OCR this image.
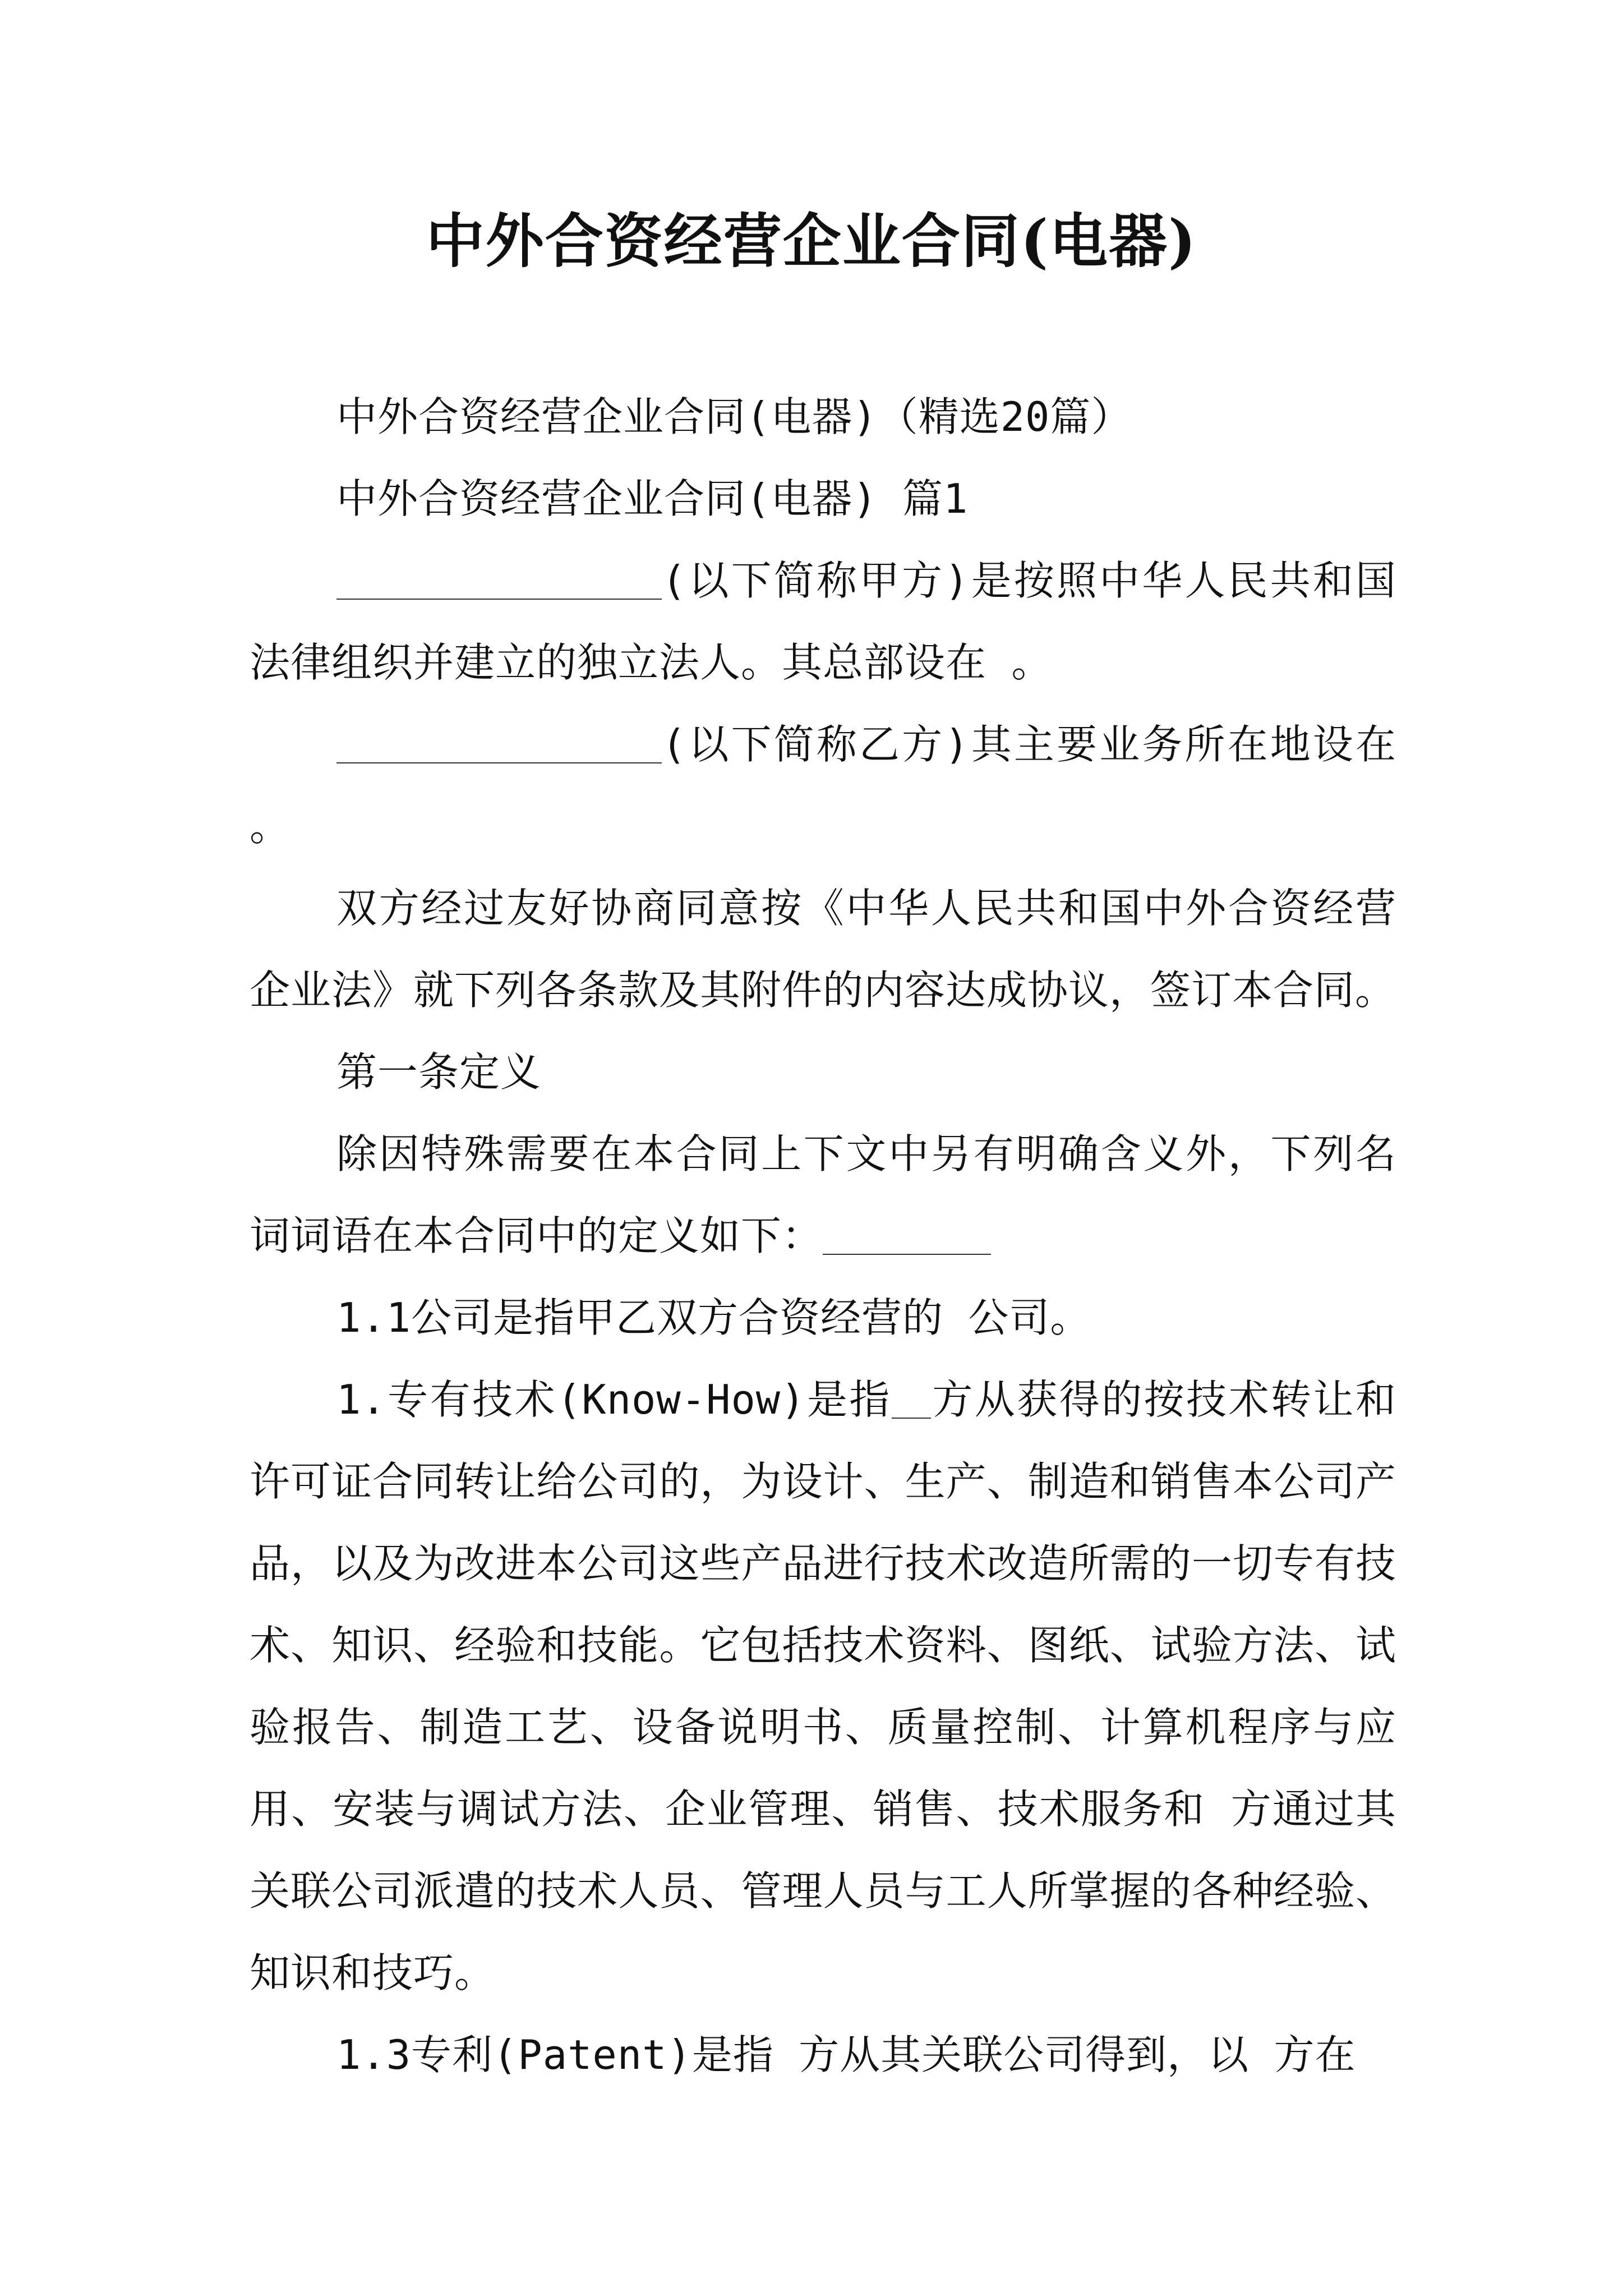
中外合资经营企业合同(电器)

中外合资经营企业合同(电器)（精选20篇）

中外合资经营企业合同(电器) 篇1

(以下简称甲方)是按照中华人民共和国法律组织并建立的独立法人。其总部设在 。

(以下简称乙方)其主要业务所在地设在 。

双方经过友好协商同意按《中华人民共和国中外合资经营企业法》就下列各条款及其附件的内容达成协议，签订本合同。

第一条定义

除因特殊需要在本合同上下文中另有明确含义外，下列名词词语在本合同中的定义如下：

1.1公司是指甲乙双方合资经营的 公司。

1.专有技术(Know-How)是指 方从获得的按技术转让和许可证合同转让给公司的，为设计、生产、制造和销售本公司产品，以及为改进本公司这些产品进行技术改造所需的一切专有技术、知识、经验和技能。它包括技术资料、图纸、试验方法、试验报告、制造工艺、设备说明书、质量控制、计算机程序与应用、安装与调试方法、企业管理、销售、技术服务和 方通过其关联公司派遣的技术人员、管理人员与工人所掌握的各种经验、知识和技巧。

1.3专利(Patent)是指 方从其关联公司得到，以 方在
